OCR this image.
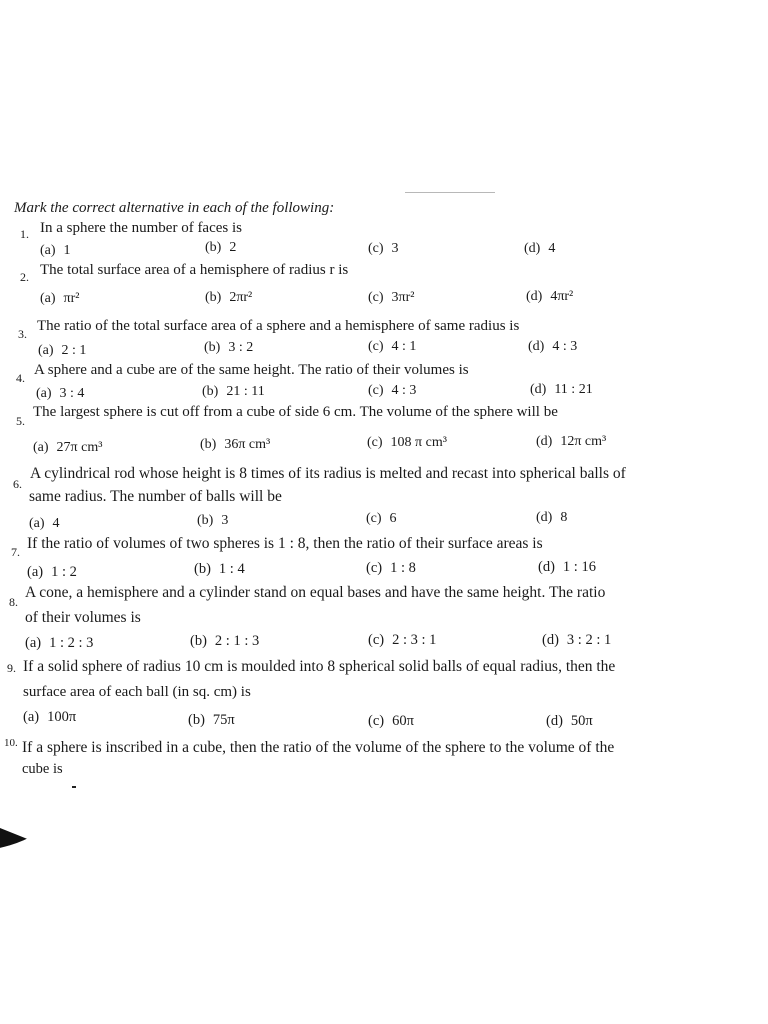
Mark the correct alternative in each of the following:
1. In a sphere the number of faces is
(a) 1	(b) 2	(c) 3	(d) 4
2. The total surface area of a hemisphere of radius r is
(a) πr²	(b) 2πr²	(c) 3πr²	(d) 4πr²
3. The ratio of the total surface area of a sphere and a hemisphere of same radius is
(a) 2 : 1	(b) 3 : 2	(c) 4 : 1	(d) 4 : 3
4. A sphere and a cube are of the same height. The ratio of their volumes is
(a) 3 : 4	(b) 21 : 11	(c) 4 : 3	(d) 11 : 21
5.
The largest sphere is cut off from a cube of side 6 cm. The volume of the sphere will be
(a) 27π cm³	(b) 36π cm³	(c) 108 π cm³	(d) 12π cm³
6.
A cylindrical rod whose height is 8 times of its radius is melted and recast into spherical balls of
same radius. The number of balls will be
(a) 4	(b) 3	(c) 6	(d) 8
7. If the ratio of volumes of two spheres is 1 : 8, then the ratio of their surface areas is
(a) 1 : 2	(b) 1 : 4	(c) 1 : 8	(d) 1 : 16
8.
A cone, a hemisphere and a cylinder stand on equal bases and have the same height. The ratio
of their volumes is
(a) 1 : 2 : 3	(b) 2 : 1 : 3	(c) 2 : 3 : 1	(d) 3 : 2 : 1
9. If a solid sphere of radius 10 cm is moulded into 8 spherical solid balls of equal radius, then the
surface area of each ball (in sq. cm) is
(a) 100π	(b) 75π	(c) 60π	(d) 50π
10. If a sphere is inscribed in a cube, then the ratio of the volume of the sphere to the volume of the
cube is
